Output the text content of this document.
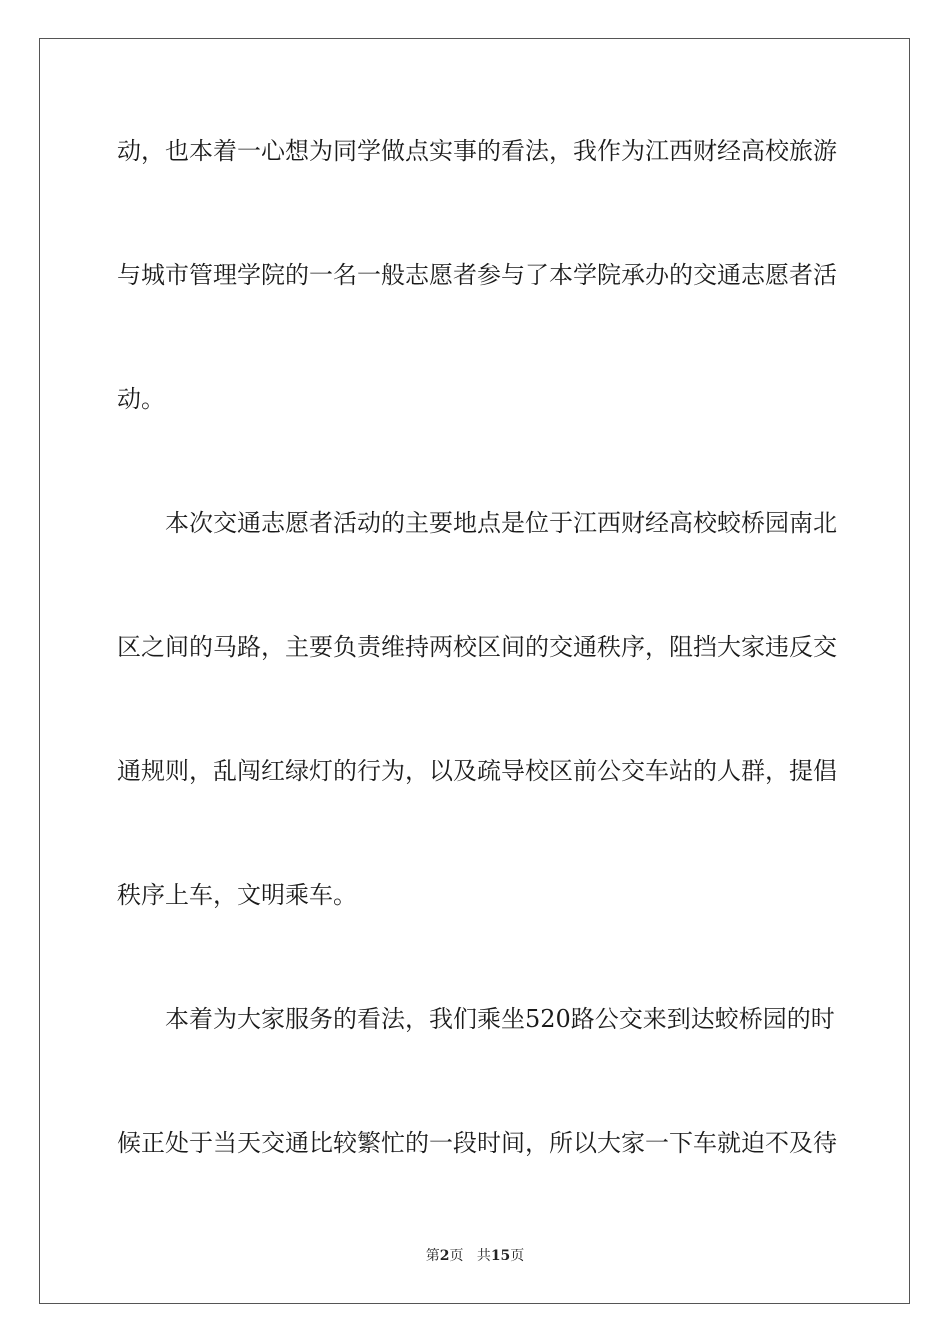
动，也本着一心想为同学做点实事的看法，我作为江西财经高校旅游
与城市管理学院的一名一般志愿者参与了本学院承办的交通志愿者活
动。
本次交通志愿者活动的主要地点是位于江西财经高校蛟桥园南北
区之间的马路，主要负责维持两校区间的交通秩序，阻挡大家违反交
通规则，乱闯红绿灯的行为，以及疏导校区前公交车站的人群，提倡
秩序上车，文明乘车。
本着为大家服务的看法，我们乘坐520路公交来到达蛟桥园的时
候正处于当天交通比较繁忙的一段时间，所以大家一下车就迫不及待
第2页 共15页
